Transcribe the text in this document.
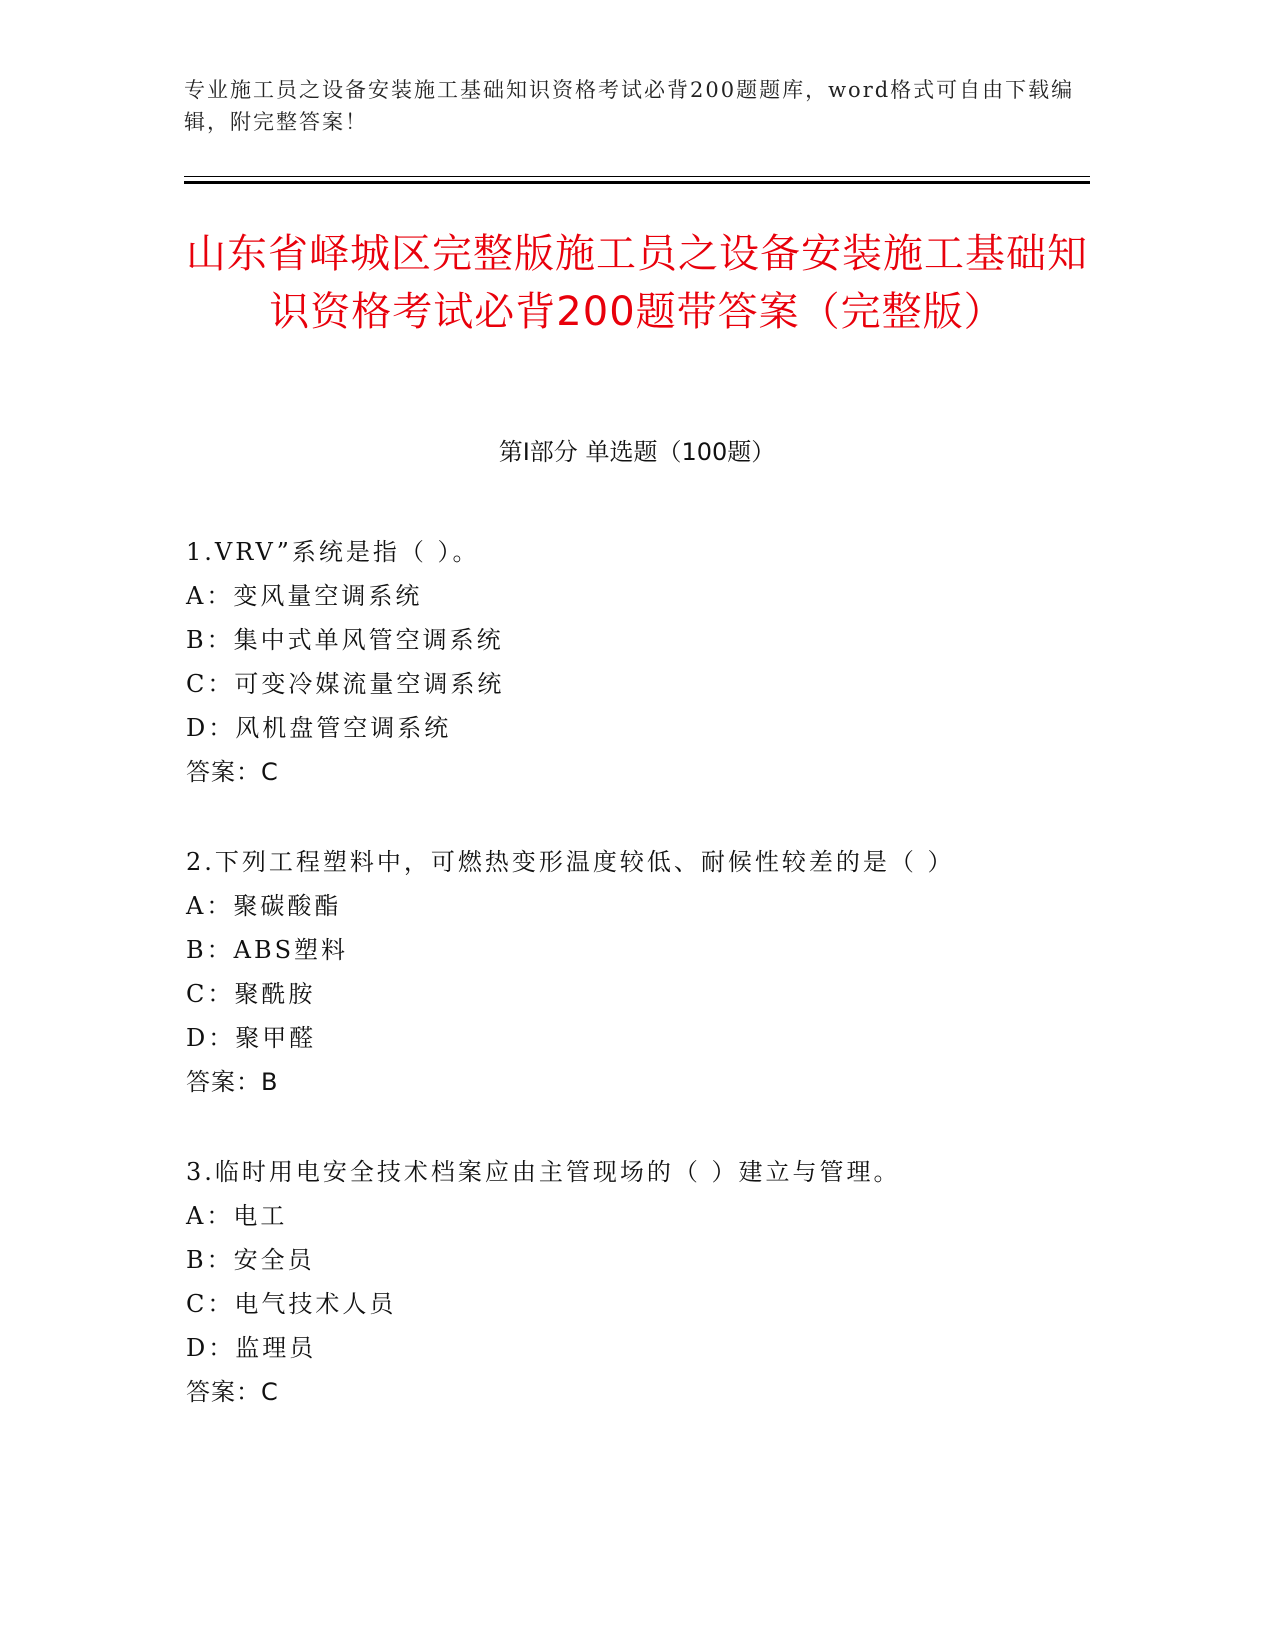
专业施工员之设备安装施工基础知识资格考试必背200题题库，word格式可自由下载编辑，附完整答案！
山东省峄城区完整版施工员之设备安装施工基础知识资格考试必背200题带答案（完整版）
第Ⅰ部分 单选题（100题）
1.VRV”系统是指（ ）。
A：变风量空调系统
B：集中式单风管空调系统
C：可变冷媒流量空调系统
D：风机盘管空调系统
答案：C
2.下列工程塑料中，可燃热变形温度较低、耐候性较差的是（ ）
A：聚碳酸酯
B：ABS塑料
C：聚酰胺
D：聚甲醛
答案：B
3.临时用电安全技术档案应由主管现场的（ ）建立与管理。
A：电工
B：安全员
C：电气技术人员
D：监理员
答案：C
